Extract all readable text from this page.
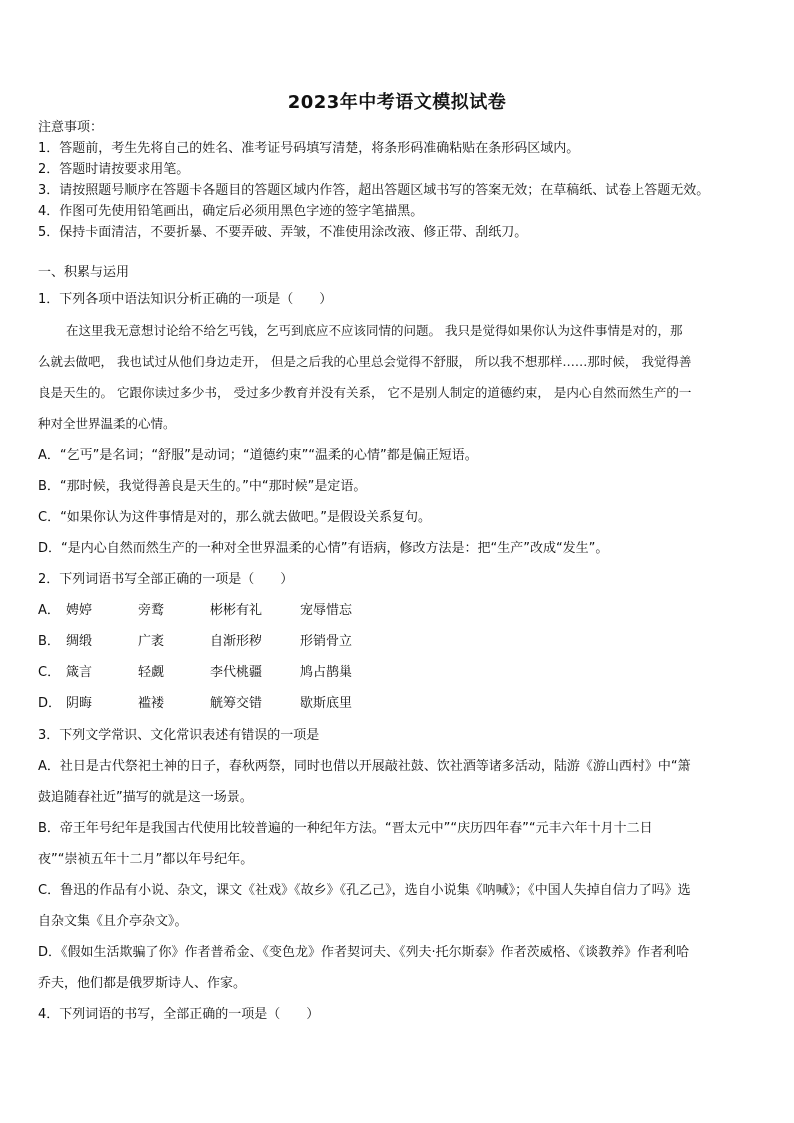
2023年中考语文模拟试卷
注意事项：
1．答题前，考生先将自己的姓名、准考证号码填写清楚，将条形码准确粘贴在条形码区域内。
2．答题时请按要求用笔。
3．请按照题号顺序在答题卡各题目的答题区域内作答，超出答题区域书写的答案无效；在草稿纸、试卷上答题无效。
4．作图可先使用铅笔画出，确定后必须用黑色字迹的签字笔描黑。
5．保持卡面清洁，不要折暴、不要弄破、弄皱，不准使用涂改液、修正带、刮纸刀。
一、积累与运用
1．下列各项中语法知识分析正确的一项是（　　）
在这里我无意想讨论给不给乞丐钱，乞丐到底应不应该同情的问题。 我只是觉得如果你认为这件事情是对的，那
么就去做吧， 我也试过从他们身边走开， 但是之后我的心里总会觉得不舒服， 所以我不想那样……那时候， 我觉得善
良是天生的。 它跟你读过多少书， 受过多少教育并没有关系， 它不是别人制定的道德约束， 是内心自然而然生产的一
种对全世界温柔的心情。
A．“乞丐”是名词；“舒服”是动词；“道德约束”“温柔的心情”都是偏正短语。
B．“那时候，我觉得善良是天生的。”中“那时候”是定语。
C．“如果你认为这件事情是对的，那么就去做吧。”是假设关系复句。
D．“是内心自然而然生产的一种对全世界温柔的心情”有语病，修改方法是：把“生产”改成“发生”。
2．下列词语书写全部正确的一项是（　　）
A． 娉婷	旁鹜	彬彬有礼	宠辱惜忘
B． 绸缎	广袤	自渐形秽	形销骨立
C． 箴言	轻觑	李代桃疆	鸠占鹊巢
D． 阴晦	褴褛	觥筹交错	歇斯底里
3．下列文学常识、文化常识表述有错误的一项是
A．社日是古代祭祀土神的日子，春秋两祭，同时也借以开展敲社鼓、饮社酒等诸多活动，陆游《游山西村》中“箫
鼓追随春社近”描写的就是这一场景。
B．帝王年号纪年是我国古代使用比较普遍的一种纪年方法。“晋太元中”“庆历四年春”“元丰六年十月十二日
夜”“崇祯五年十二月”都以年号纪年。
C．鲁迅的作品有小说、杂文，课文《社戏》《故乡》《孔乙己》，选自小说集《呐喊》；《中国人失掉自信力了吗》选
自杂文集《且介亭杂文》。
D．《假如生活欺骗了你》作者普希金、《变色龙》作者契诃夫、《列夫·托尔斯泰》作者茨威格、《谈教养》作者利哈
乔夫，他们都是俄罗斯诗人、作家。
4．下列词语的书写，全部正确的一项是（　　）
